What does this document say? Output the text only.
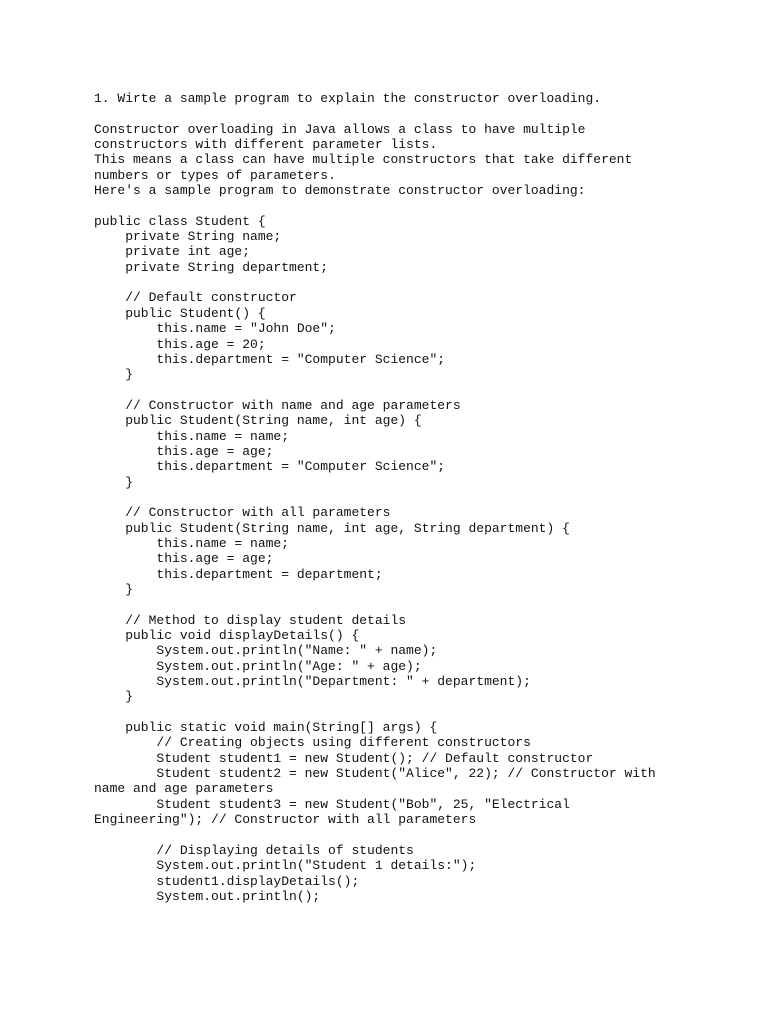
1. Wirte a sample program to explain the constructor overloading.
Constructor overloading in Java allows a class to have multiple
constructors with different parameter lists.
This means a class can have multiple constructors that take different
numbers or types of parameters.
Here's a sample program to demonstrate constructor overloading:
public class Student {
private String name;
private int age;
private String department;
// Default constructor
public Student() {
this.name = "John Doe";
this.age = 20;
this.department = "Computer Science";
}
// Constructor with name and age parameters
public Student(String name, int age) {
this.name = name;
this.age = age;
this.department = "Computer Science";
}
// Constructor with all parameters
public Student(String name, int age, String department) {
this.name = name;
this.age = age;
this.department = department;
}
// Method to display student details
public void displayDetails() {
System.out.println("Name: " + name);
System.out.println("Age: " + age);
System.out.println("Department: " + department);
}
public static void main(String[] args) {
// Creating objects using different constructors
Student student1 = new Student(); // Default constructor
Student student2 = new Student("Alice", 22); // Constructor with
name and age parameters
Student student3 = new Student("Bob", 25, "Electrical
Engineering"); // Constructor with all parameters
// Displaying details of students
System.out.println("Student 1 details:");
student1.displayDetails();
System.out.println();
